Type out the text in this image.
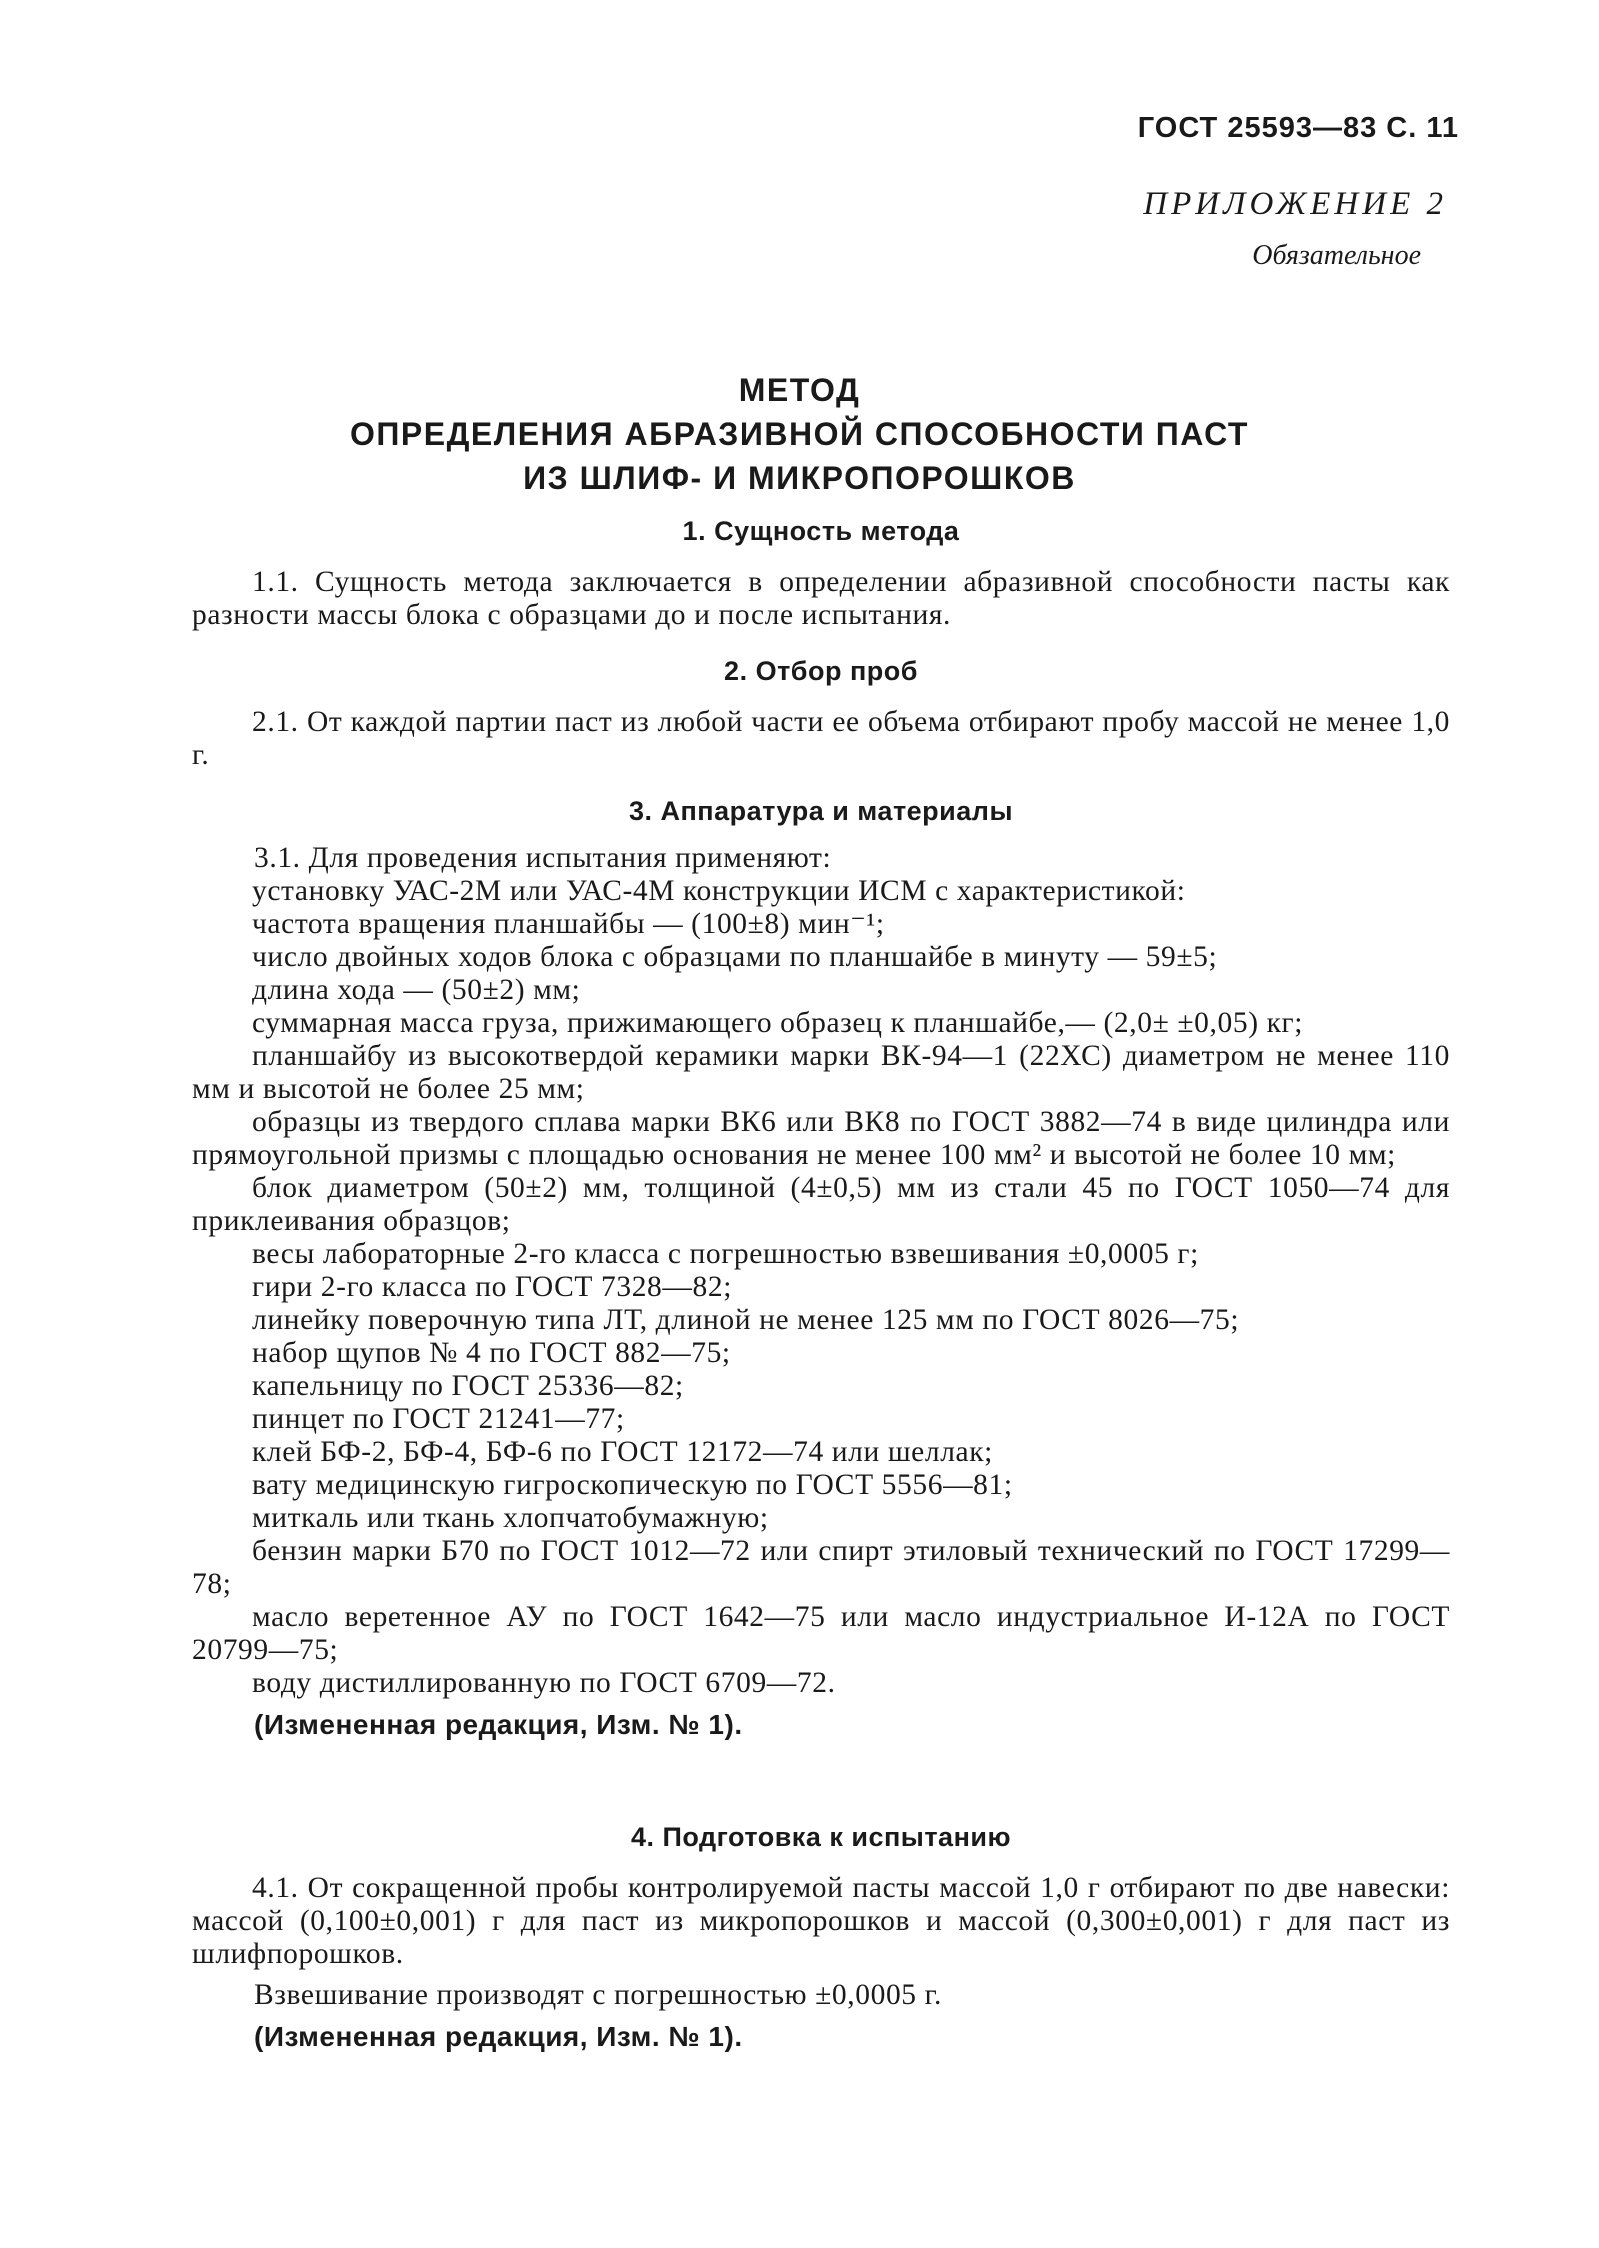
ГОСТ 25593—83 С. 11
ПРИЛОЖЕНИЕ 2
Обязательное
МЕТОД
ОПРЕДЕЛЕНИЯ АБРАЗИВНОЙ СПОСОБНОСТИ ПАСТ
ИЗ ШЛИФ- И МИКРОПОРОШКОВ
1. Сущность метода

1.1. Сущность метода заключается в определении абразивной способности пасты как разности массы блока с образцами до и после испытания.

2. Отбор проб

2.1. От каждой партии паст из любой части ее объема отбирают пробу массой не менее 1,0 г.

3. Аппаратура и материалы

3.1. Для проведения испытания применяют:

установку УАС-2М или УАС-4М конструкции ИСМ с характеристикой:

частота вращения планшайбы — (100±8) мин⁻¹;

число двойных ходов блока с образцами по планшайбе в минуту — 59±5;

длина хода — (50±2) мм;

суммарная масса груза, прижимающего образец к планшайбе,— (2,0± ±0,05) кг;

планшайбу из высокотвердой керамики марки ВК-94—1 (22ХС) диаметром не менее 110 мм и высотой не более 25 мм;

образцы из твердого сплава марки ВК6 или ВК8 по ГОСТ 3882—74 в виде цилиндра или прямоугольной призмы с площадью основания не менее 100 мм² и высотой не более 10 мм;

блок диаметром (50±2) мм, толщиной (4±0,5) мм из стали 45 по ГОСТ 1050—74 для приклеивания образцов;

весы лабораторные 2-го класса с погрешностью взвешивания ±0,0005 г;

гири 2-го класса по ГОСТ 7328—82;

линейку поверочную типа ЛТ, длиной не менее 125 мм по ГОСТ 8026—75;

набор щупов № 4 по ГОСТ 882—75;

капельницу по ГОСТ 25336—82;

пинцет по ГОСТ 21241—77;

клей БФ-2, БФ-4, БФ-6 по ГОСТ 12172—74 или шеллак;

вату медицинскую гигроскопическую по ГОСТ 5556—81;

миткаль или ткань хлопчатобумажную;

бензин марки Б70 по ГОСТ 1012—72 или спирт этиловый технический по ГОСТ 17299—78;

масло веретенное АУ по ГОСТ 1642—75 или масло индустриальное И-12А по ГОСТ 20799—75;

воду дистиллированную по ГОСТ 6709—72.

(Измененная редакция, Изм. № 1).

4. Подготовка к испытанию

4.1. От сокращенной пробы контролируемой пасты массой 1,0 г отбирают по две навески: массой (0,100±0,001) г для паст из микропорошков и массой (0,300±0,001) г для паст из шлифпорошков.

Взвешивание производят с погрешностью ±0,0005 г.

(Измененная редакция, Изм. № 1).
